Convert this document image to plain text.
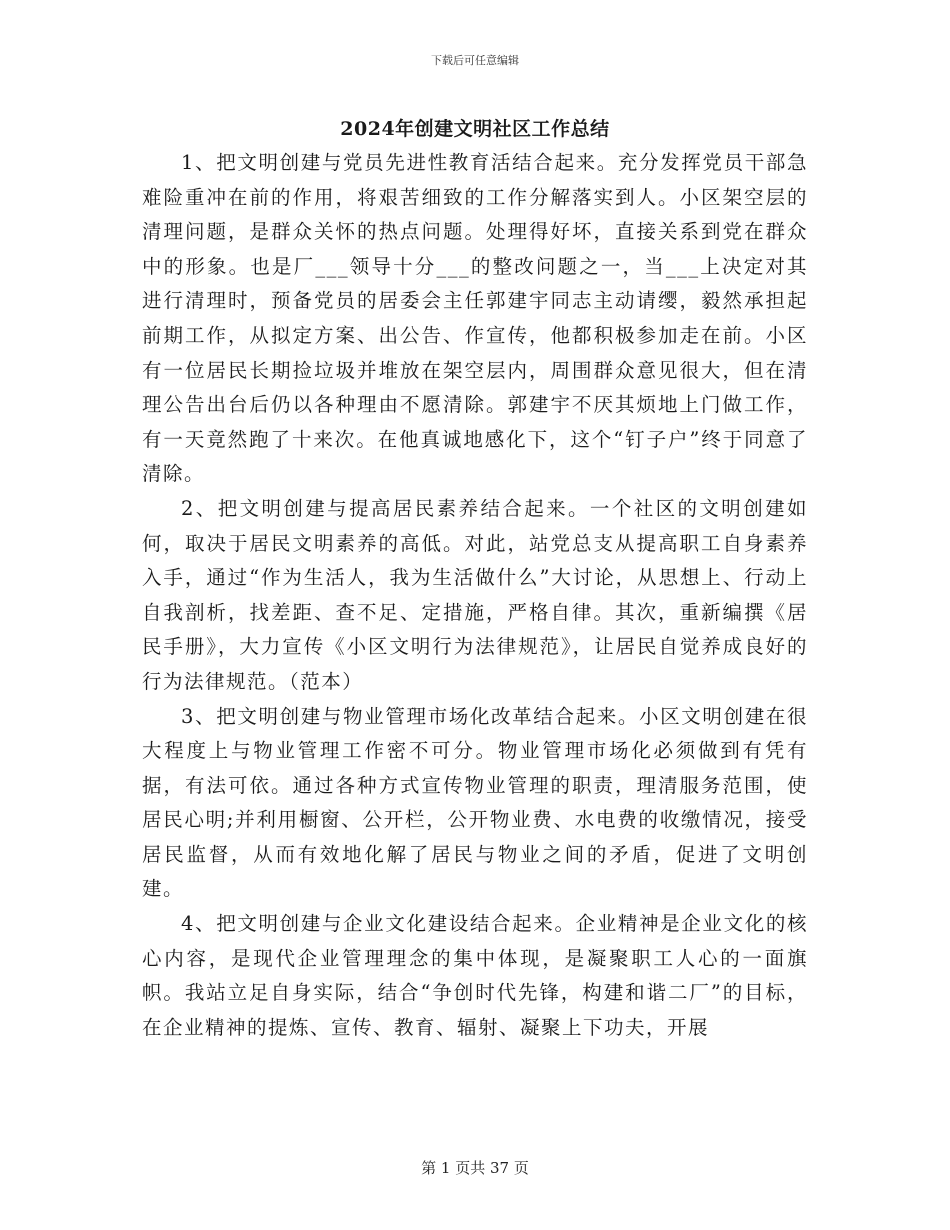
下载后可任意编辑
2024年创建文明社区工作总结

1、把文明创建与党员先进性教育活结合起来。充分发挥党员干部急难险重冲在前的作用，将艰苦细致的工作分解落实到人。小区架空层的清理问题，是群众关怀的热点问题。处理得好坏，直接关系到党在群众中的形象。也是厂___领导十分___的整改问题之一，当___上决定对其进行清理时，预备党员的居委会主任郭建宇同志主动请缨，毅然承担起前期工作，从拟定方案、出公告、作宣传，他都积极参加走在前。小区有一位居民长期捡垃圾并堆放在架空层内，周围群众意见很大，但在清理公告出台后仍以各种理由不愿清除。郭建宇不厌其烦地上门做工作，有一天竟然跑了十来次。在他真诚地感化下，这个“钉子户”终于同意了清除。

2、把文明创建与提高居民素养结合起来。一个社区的文明创建如何，取决于居民文明素养的高低。对此，站党总支从提高职工自身素养入手，通过“作为生活人，我为生活做什么”大讨论，从思想上、行动上自我剖析，找差距、查不足、定措施，严格自律。其次，重新编撰《居民手册》，大力宣传《小区文明行为法律规范》，让居民自觉养成良好的行为法律规范。（范本）

3、把文明创建与物业管理市场化改革结合起来。小区文明创建在很大程度上与物业管理工作密不可分。物业管理市场化必须做到有凭有据，有法可依。通过各种方式宣传物业管理的职责，理清服务范围，使居民心明;并利用橱窗、公开栏，公开物业费、水电费的收缴情况，接受居民监督，从而有效地化解了居民与物业之间的矛盾，促进了文明创建。

4、把文明创建与企业文化建设结合起来。企业精神是企业文化的核心内容，是现代企业管理理念的集中体现，是凝聚职工人心的一面旗帜。我站立足自身实际，结合“争创时代先锋，构建和谐二厂”的目标，在企业精神的提炼、宣传、教育、辐射、凝聚上下功夫，开展

第 1 页共 37 页
